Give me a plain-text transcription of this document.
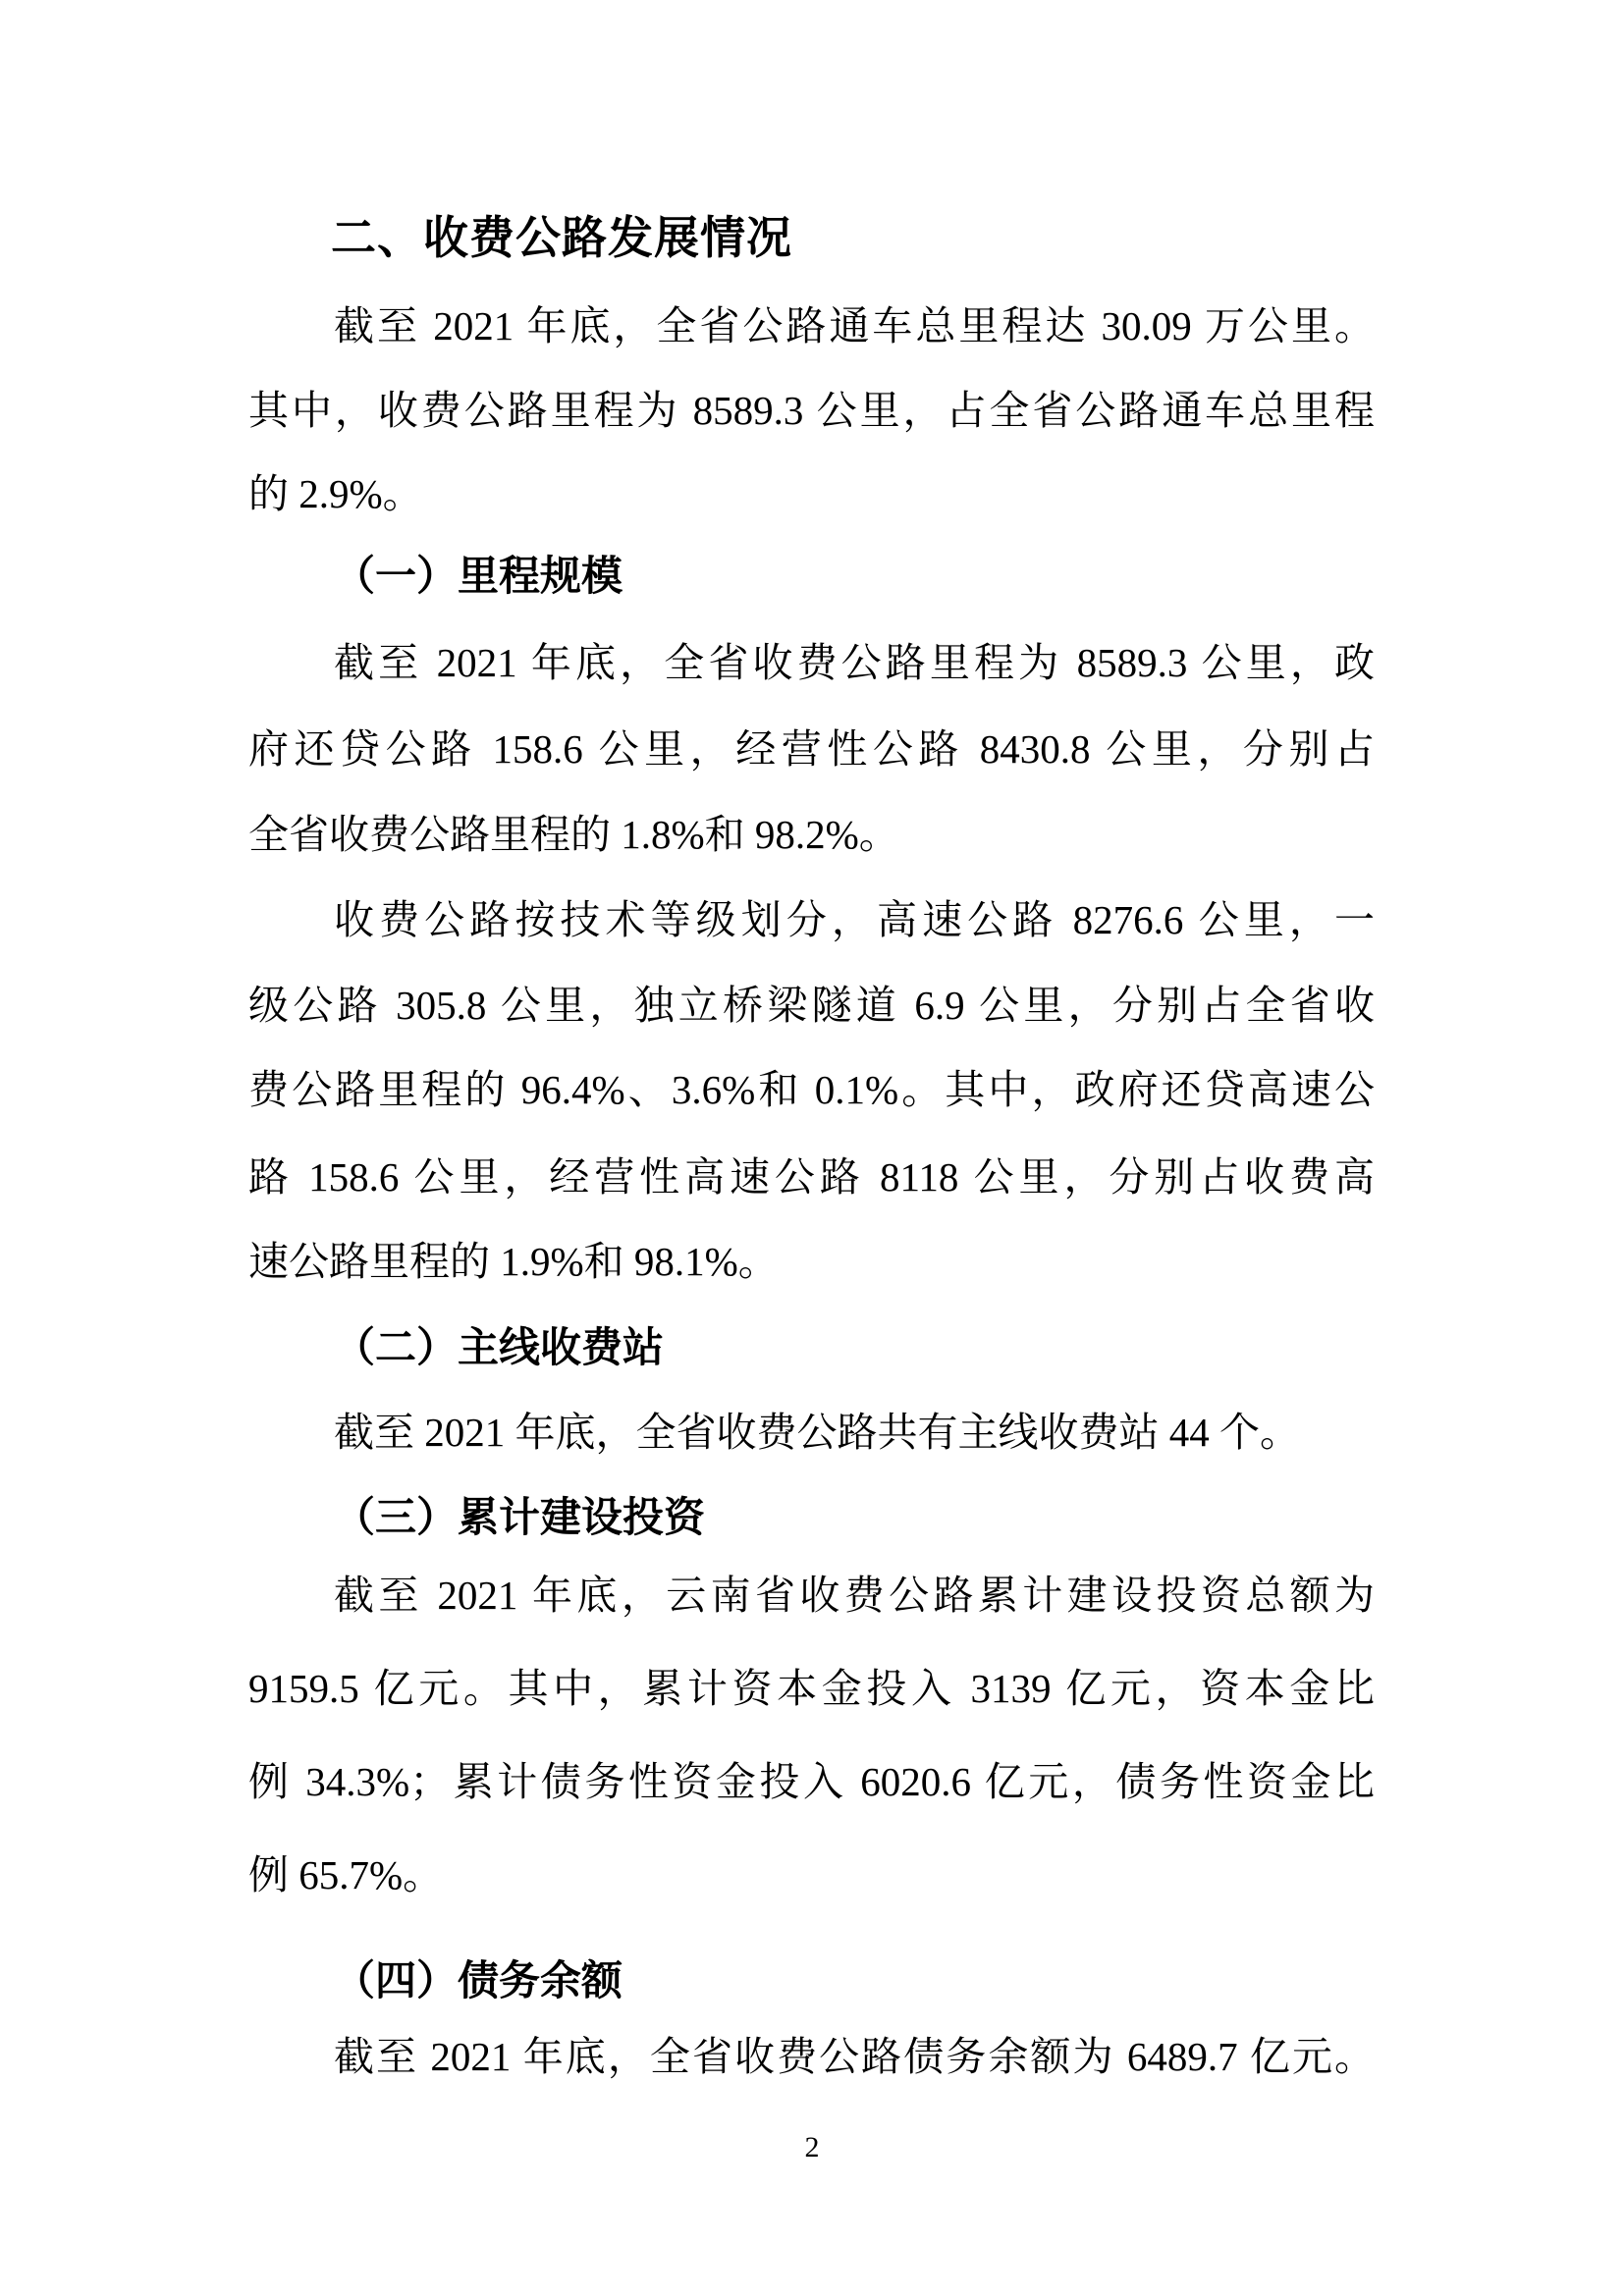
二、收费公路发展情况
截至 2021 年底，全省公路通车总里程达 30.09 万公里。
其中，收费公路里程为 8589.3 公里，占全省公路通车总里程
的 2.9%。
（一）里程规模
截至 2021 年底，全省收费公路里程为 8589.3 公里，政
府还贷公路 158.6 公里，经营性公路 8430.8 公里，分别占
全省收费公路里程的 1.8%和 98.2%。
收费公路按技术等级划分，高速公路 8276.6 公里，一
级公路 305.8 公里，独立桥梁隧道 6.9 公里，分别占全省收
费公路里程的 96.4%、3.6%和 0.1%。其中，政府还贷高速公
路 158.6 公里，经营性高速公路 8118 公里，分别占收费高
速公路里程的 1.9%和 98.1%。
（二）主线收费站
截至 2021 年底，全省收费公路共有主线收费站 44 个。
（三）累计建设投资
截至 2021 年底，云南省收费公路累计建设投资总额为
9159.5 亿元。其中，累计资本金投入 3139 亿元，资本金比
例 34.3%；累计债务性资金投入 6020.6 亿元，债务性资金比
例 65.7%。
（四）债务余额
截至 2021 年底，全省收费公路债务余额为 6489.7 亿元。
2
